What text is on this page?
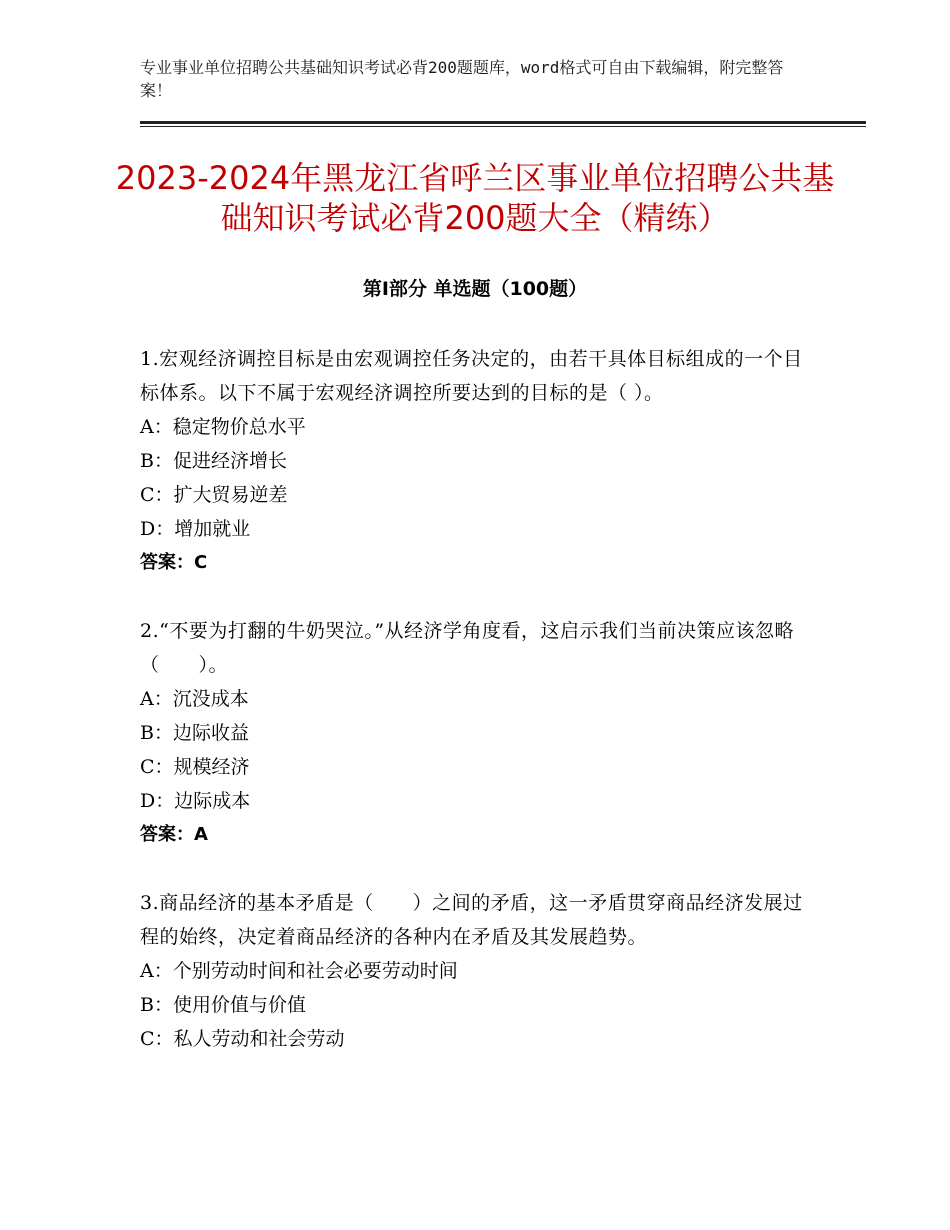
专业事业单位招聘公共基础知识考试必背200题题库，word格式可自由下载编辑，附完整答案！
2023-2024年黑龙江省呼兰区事业单位招聘公共基础知识考试必背200题大全（精练）
第Ⅰ部分 单选题（100题）

1.宏观经济调控目标是由宏观调控任务决定的，由若干具体目标组成的一个目标体系。以下不属于宏观经济调控所要达到的目标的是（ ）。

A：稳定物价总水平

B：促进经济增长

C：扩大贸易逆差

D：增加就业

答案：C

2.“不要为打翻的牛奶哭泣。”从经济学角度看，这启示我们当前决策应该忽略（　　）。

A：沉没成本

B：边际收益

C：规模经济

D：边际成本

答案：A

3.商品经济的基本矛盾是（　　）之间的矛盾，这一矛盾贯穿商品经济发展过程的始终，决定着商品经济的各种内在矛盾及其发展趋势。

A：个别劳动时间和社会必要劳动时间

B：使用价值与价值

C：私人劳动和社会劳动
